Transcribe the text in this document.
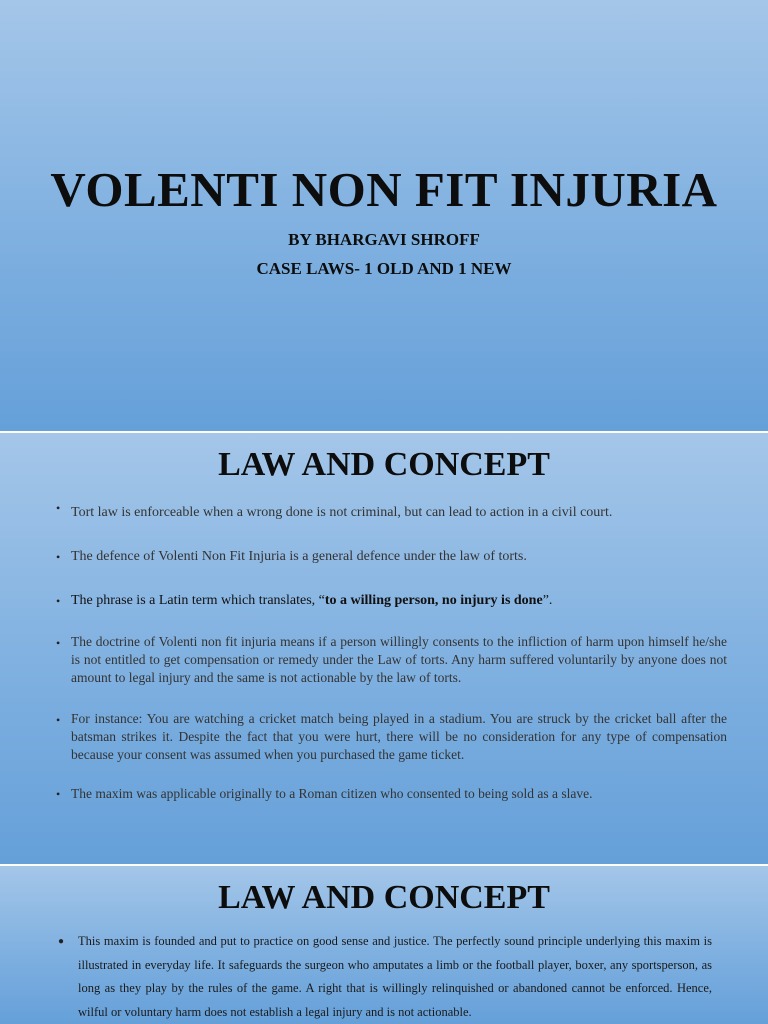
VOLENTI NON FIT INJURIA
BY BHARGAVI SHROFF
CASE LAWS- 1 OLD AND 1 NEW
LAW AND CONCEPT
• Tort law is enforceable when a wrong done is not criminal, but can lead to action in a civil court.
• The defence of Volenti Non Fit Injuria is a general defence under the law of torts.
• The phrase is a Latin term which translates, “to a willing person, no injury is done”.
• The doctrine of Volenti non fit injuria means if a person willingly consents to the infliction of harm upon himself he/she is not entitled to get compensation or remedy under the Law of torts. Any harm suffered voluntarily by anyone does not amount to legal injury and the same is not actionable by the law of torts.
• For instance: You are watching a cricket match being played in a stadium. You are struck by the cricket ball after the batsman strikes it. Despite the fact that you were hurt, there will be no consideration for any type of compensation because your consent was assumed when you purchased the game ticket.
• The maxim was applicable originally to a Roman citizen who consented to being sold as a slave.
LAW AND CONCEPT
● This maxim is founded and put to practice on good sense and justice. The perfectly sound principle underlying this maxim is illustrated in everyday life. It safeguards the surgeon who amputates a limb or the football player, boxer, any sportsperson, as long as they play by the rules of the game. A right that is willingly relinquished or abandoned cannot be enforced. Hence, wilful or voluntary harm does not establish a legal injury and is not actionable.
